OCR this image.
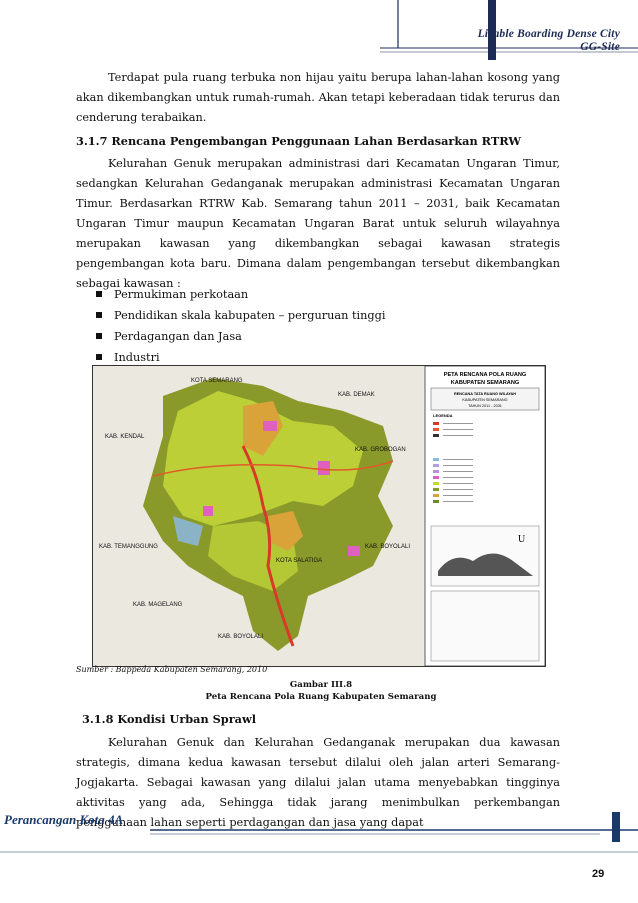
Livable Boarding Dense City
GG-Site

Terdapat pula ruang terbuka non hijau yaitu berupa lahan-lahan kosong yang akan dikembangkan untuk rumah-rumah. Akan tetapi keberadaan tidak terurus dan cenderung terabaikan.

3.1.7 Rencana Pengembangan Penggunaan Lahan Berdasarkan RTRW

Kelurahan Genuk merupakan administrasi dari Kecamatan Ungaran Timur, sedangkan Kelurahan Gedanganak merupakan administrasi Kecamatan Ungaran Timur. Berdasarkan RTRW Kab. Semarang tahun 2011 – 2031, baik Kecamatan Ungaran Timur maupun Kecamatan Ungaran Barat untuk seluruh wilayahnya merupakan kawasan yang dikembangkan sebagai kawasan strategis pengembangan kota baru. Dimana dalam pengembangan tersebut dikembangkan sebagai kawasan :

Permukiman perkotaan
Pendidikan skala kabupaten – perguruan tinggi
Perdagangan dan Jasa
Industri
KOTA SEMARANG
KAB. DEMAK
KAB. KENDAL
KAB. GROBOGAN
KAB. BOYOLALI
KAB. TEMANGGUNG
KOTA SALATIGA
KAB. MAGELANG
KAB. BOYOLALI
PETA RENCANA POLA RUANG
KABUPATEN SEMARANG
RENCANA TATA RUANG WILAYAH
KABUPATEN SEMARANG
TAHUN 2011 - 2031
LEGENDA
U
Sumber : Bappeda Kabupaten Semarang, 2010
Gambar III.8
Peta Rencana Pola Ruang Kabupaten Semarang
3.1.8 Kondisi Urban Sprawl

Kelurahan Genuk dan Kelurahan Gedanganak merupakan dua kawasan strategis, dimana kedua kawasan tersebut dilalui oleh jalan arteri Semarang-Jogjakarta. Sebagai kawasan yang dilalui jalan utama menyebabkan tingginya aktivitas yang ada, Sehingga tidak jarang menimbulkan perkembangan penggunaan lahan seperti perdagangan dan jasa yang dapat

Perancangan Kota 4A
29
